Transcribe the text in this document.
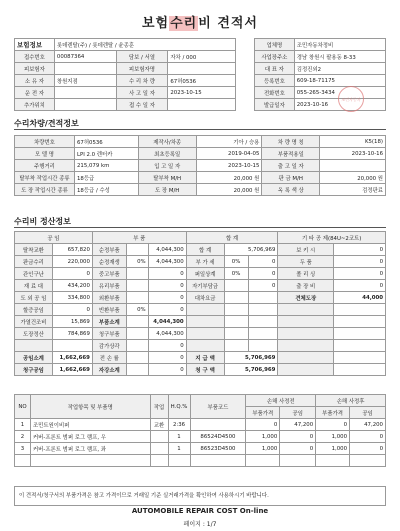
보험수리비 견적서
보험정보	롯데렌탈(주) / 롯데렌탈 / 윤종훈		
접수번호	00087364	담보 / 서열	자차 / 000
피보험자		피보험자명	
소 유 자	창원지점	수 리 차 량	67허0536
운 전 자		사 고 일 자	2023-10-15
추가위치		접 수 일 자	
업체명	조민자동차정비
사업장주소	경남 창원시 팔용동 8-33
대 표 자	김정진외2
등록번호	609-18-71175
전화번호	055-265-3434
발급일자	2023-10-16
수리차량/견적정보
차량번호	67허0536	제작사/차종	기아 / 승용	차 량 명 칭	K5(18)
모 델 명	LPI 2.0 렌터카	최초등록일	2019-04-05	부품적용일	2023-10-16
주행거리	215,079 km	입 고 일 자	2023-10-15	출 고 일 자	
탈부착 작업시간 종류	18등급	탈부착 M/H	20,000 원	판 금 M/H	20,000 원
도 장 작업시간 종류	18등급 / 수성	도 장 M/H	20,000 원	옥 록 색 상	검정판료
수리비 정산정보
공 임		부 품			합 계			기 타 공 제(84U~2코트)	
탈착교환	657,820	순정부품		4,044,300	합 계	5,706,969		보 키 시	0
판금수리	220,000	순정재생	0%	4,044,300	부 가 세	0%	0	두 품	0
관인구난	0	중고부품		0	퍼일상계	0%	0	폴 리 싱	0
재 료 대	434,200	유리부품		0	자기부담금		0	출 장 비	0
도 외 공 임	334,800	외환부품		0	대차요금			견체도장	44,000
할증공임	0	빈환부품	0%	0					
가열건조비	15,869	부품소계		4,044,300					
도장정산	784,869	청구부품		4,044,300					
		감가상각		0					
공임소계	1,662,669	전 손 률		0	지 급 액	5,706,969			
청구공임	1,662,669	자강소계		0	청 구 액	5,706,969			
NO	작업항목 및 부품명	작업	H.Q.%	부품코드	손해 사정전		손해 사정후	
					부품가격	공임	부품가격	공임
1	조민트원이비퍼	교환	2:36		0	47,200	0	47,200
2	커버-프론트 범퍼 로그 램프, 우		1	86524D4500	1,000	0	1,000	0
3	커버-프론트 범퍼 로그 램프, 좌		1	86523D4500	1,000	0	1,000	0

이 견적서/청구서의 부품가격은 참고 가격이므로 거래일 기준 실거래가격을 확인하여 사용하시기 바랍니다.
AUTOMOBILE REPAIR COST On-line
페이지 : 1/7
조민자동차
